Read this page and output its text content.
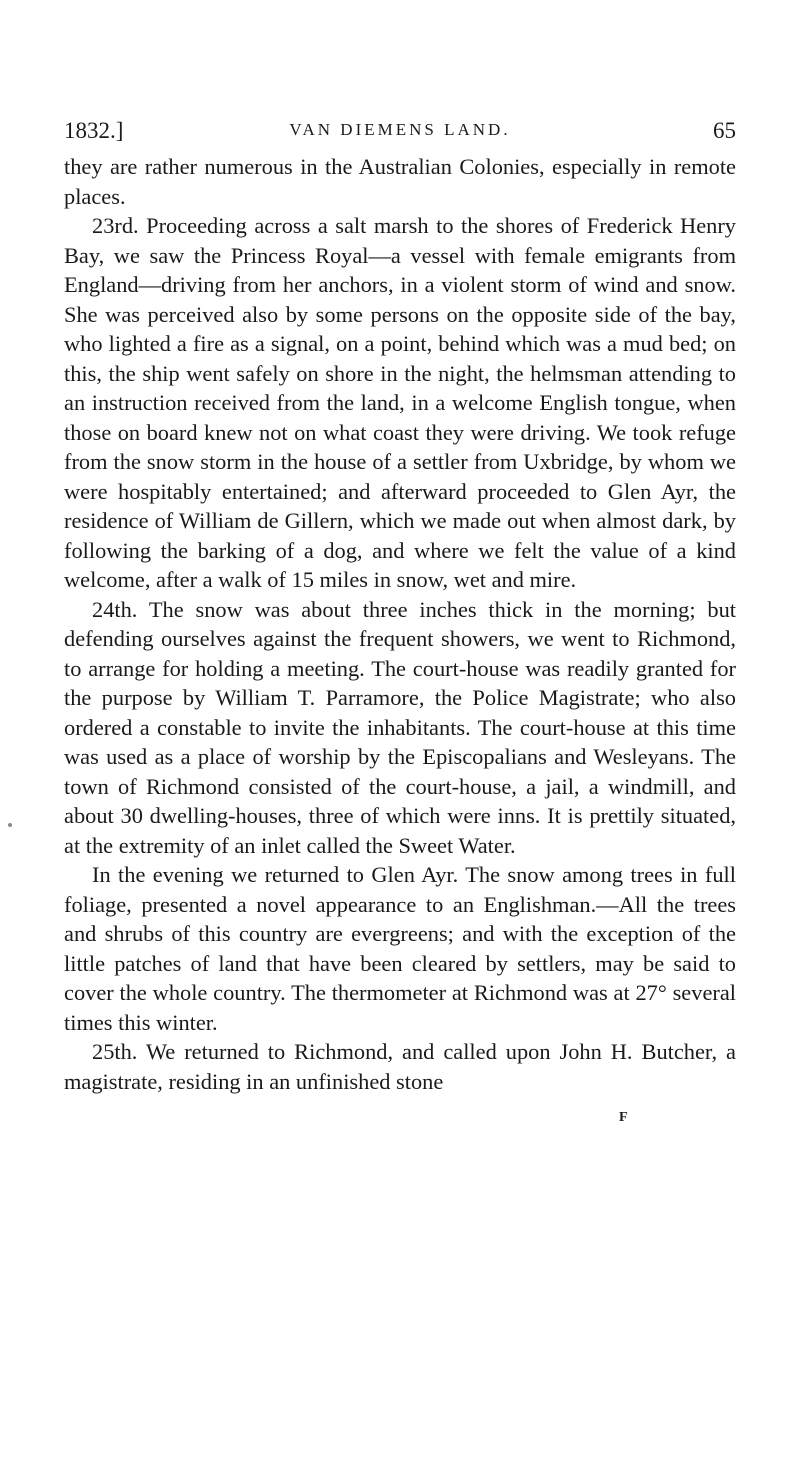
1832.]	VAN DIEMENS LAND.	65

they are rather numerous in the Australian Colonies, especially in remote places.

23rd. Proceeding across a salt marsh to the shores of Frederick Henry Bay, we saw the Princess Royal—a vessel with female emigrants from England—driving from her anchors, in a violent storm of wind and snow. She was perceived also by some persons on the opposite side of the bay, who lighted a fire as a signal, on a point, behind which was a mud bed; on this, the ship went safely on shore in the night, the helmsman attending to an instruction received from the land, in a welcome English tongue, when those on board knew not on what coast they were driving. We took refuge from the snow storm in the house of a settler from Uxbridge, by whom we were hospitably entertained; and afterward proceeded to Glen Ayr, the residence of William de Gillern, which we made out when almost dark, by following the barking of a dog, and where we felt the value of a kind welcome, after a walk of 15 miles in snow, wet and mire.

24th. The snow was about three inches thick in the morning; but defending ourselves against the frequent showers, we went to Richmond, to arrange for holding a meeting. The court-house was readily granted for the purpose by William T. Parramore, the Police Magistrate; who also ordered a constable to invite the inhabitants. The court-house at this time was used as a place of worship by the Episcopalians and Wesleyans. The town of Richmond consisted of the court-house, a jail, a windmill, and about 30 dwelling-houses, three of which were inns. It is prettily situated, at the extremity of an inlet called the Sweet Water.

In the evening we returned to Glen Ayr. The snow among trees in full foliage, presented a novel appearance to an Englishman.—All the trees and shrubs of this country are evergreens; and with the exception of the little patches of land that have been cleared by settlers, may be said to cover the whole country. The thermometer at Richmond was at 27° several times this winter.

25th. We returned to Richmond, and called upon John H. Butcher, a magistrate, residing in an unfinished stone

F
